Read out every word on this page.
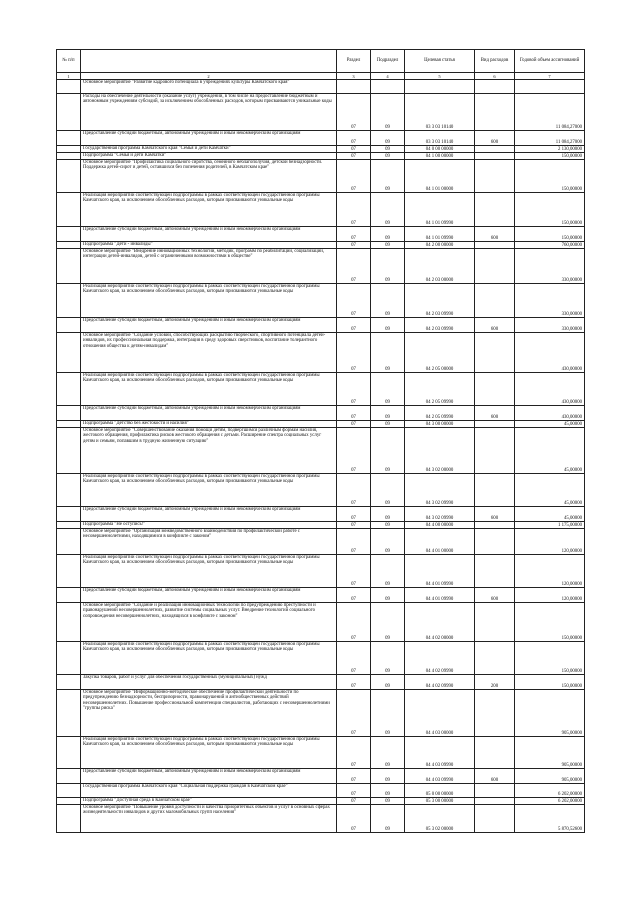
№ п/п		Раздел	Подраздел	Целевая статья	Вид расходов	Годовой объем ассигнований
1	2	3	4	5	6	7
	Основное мероприятие "Развитие кадрового потенциала в учреждениях культуры Камчатского края"					
	Расходы на обеспечение деятельности (оказание услуг) учреждений, в том числе на предоставление бюджетным и автономным учреждениям субсидий, за исключением обособленных расходов, которым присваиваются уникальные коды	07	09	03 3 03 10140		11 084,27000
	Предоставление субсидий бюджетным, автономным учреждениям и иным некоммерческим организациям	07	09	03 3 03 10140	600	11 084,27000
	Государственная программа Камчатского края "Семья и дети Камчатки"	07	09	04 0 00 00000		2 130,00000
	Подпрограмма "Семья и дети Камчатки"	07	09	04 1 00 00000		150,00000
	Основное мероприятие "Профилактика социального сиротства, семейного неблагополучия, детской безнадзорности. Поддержка детей-сирот и детей, оставшихся без попечения родителей, в Камчатском крае"	07	09	04 1 01 00000		150,00000
	Реализация мероприятий соответствующей подпрограммы в рамках соответствующей государственной программы Камчатского края, за исключением обособленных расходов, которым присваиваются уникальные коды	07	09	04 1 01 09990		150,00000
	Предоставление субсидий бюджетным, автономным учреждениям и иным некоммерческим организациям	07	09	04 1 01 09990	600	150,00000
	Подпрограмма "Дети - инвалиды"	07	09	04 2 00 00000		760,00000
	Основное мероприятие "Внедрение инновационных технологий, методик, программ по реабилитации, социализации, интеграции детей-инвалидов, детей с ограниченными возможностями в обществе"	07	09	04 2 03 00000		330,00000
	Реализация мероприятий соответствующей подпрограммы в рамках соответствующей государственной программы Камчатского края, за исключением обособленных расходов, которым присваиваются уникальные коды	07	09	04 2 03 09990		330,00000
	Предоставление субсидий бюджетным, автономным учреждениям и иным некоммерческим организациям	07	09	04 2 03 09990	600	330,00000
	Основное мероприятие "Создание условий, способствующих раскрытию творческого, спортивного потенциала детей-инвалидов, их профессиональная поддержка, интеграция в среду здоровых сверстников, воспитание толерантного отношения общества к детям-инвалидам"	07	09	04 2 05 00000		430,00000
	Реализация мероприятий соответствующей подпрограммы в рамках соответствующей государственной программы Камчатского края, за исключением обособленных расходов, которым присваиваются уникальные коды	07	09	04 2 05 09990		430,00000
	Предоставление субсидий бюджетным, автономным учреждениям и иным некоммерческим организациям	07	09	04 2 05 09990	600	430,00000
	Подпрограмма "Детство без жестокости и насилия"	07	09	04 3 00 00000		45,00000
	Основное мероприятие "Совершенствование оказания помощи детям, подвергшимся различным формам насилия, жестокого обращения, профилактика рисков жестокого обращения с детьми. Расширение спектра социальных услуг детям и семьям, попавшим в трудную жизненную ситуацию"	07	09	04 3 02 00000		45,00000
	Реализация мероприятий соответствующей подпрограммы в рамках соответствующей государственной программы Камчатского края, за исключением обособленных расходов, которым присваиваются уникальные коды	07	09	04 3 02 09990		45,00000
	Предоставление субсидий бюджетным, автономным учреждениям и иным некоммерческим организациям	07	09	04 3 02 09990	600	45,00000
	Подпрограмма "Не оступись!"	07	09	04 4 00 00000		1 175,00000
	Основное мероприятие "Организация межведомственного взаимодействия по профилактической работе с несовершеннолетними, находящимися в конфликте с законом"	07	09	04 4 01 00000		120,00000
	Реализация мероприятий соответствующей подпрограммы в рамках соответствующей государственной программы Камчатского края, за исключением обособленных расходов, которым присваиваются уникальные коды	07	09	04 4 01 09990		120,00000
	Предоставление субсидий бюджетным, автономным учреждениям и иным некоммерческим организациям	07	09	04 4 01 09990	600	120,00000
	Основное мероприятие "Создание и реализация инновационных технологий по предупреждению преступности и правонарушений несовершеннолетних, развитие системы социальных услуг. Внедрение технологий социального сопровождения несовершеннолетних, находящихся в конфликте с законом"	07	09	04 4 02 00000		150,00000
	Реализация мероприятий соответствующей подпрограммы в рамках соответствующей государственной программы Камчатского края, за исключением обособленных расходов, которым присваиваются уникальные коды	07	09	04 4 02 09990		150,00000
	Закупка товаров, работ и услуг для обеспечения государственных (муниципальных) нужд	07	09	04 4 02 09990	200	150,00000
	Основное мероприятие "Информационно-методическое обеспечение профилактической деятельности по предупреждению безнадзорности, беспризорности, правонарушений и антиобщественных действий несовершеннолетних. Повышение профессиональной компетенции специалистов, работающих с несовершеннолетними "группы риска"	07	09	04 4 03 00000		905,00000
	Реализация мероприятий соответствующей подпрограммы в рамках соответствующей государственной программы Камчатского края, за исключением обособленных расходов, которым присваиваются уникальные коды	07	09	04 4 03 09990		905,00000
	Предоставление субсидий бюджетным, автономным учреждениям и иным некоммерческим организациям	07	09	04 4 03 09990	600	905,00000
	Государственная программа Камчатского края "Социальная поддержка граждан в Камчатском крае"	07	09	05 0 00 00000		6 202,00000
	Подпрограмма "Доступная среда в Камчатском крае"	07	09	05 3 00 00000		6 202,00000
	Основное мероприятие "Повышение уровня доступности и качества приоритетных объектов и услуг в основных сферах жизнедеятельности инвалидов и других маломобильных групп населения"	07	09	05 3 02 00000		5 870,52600
